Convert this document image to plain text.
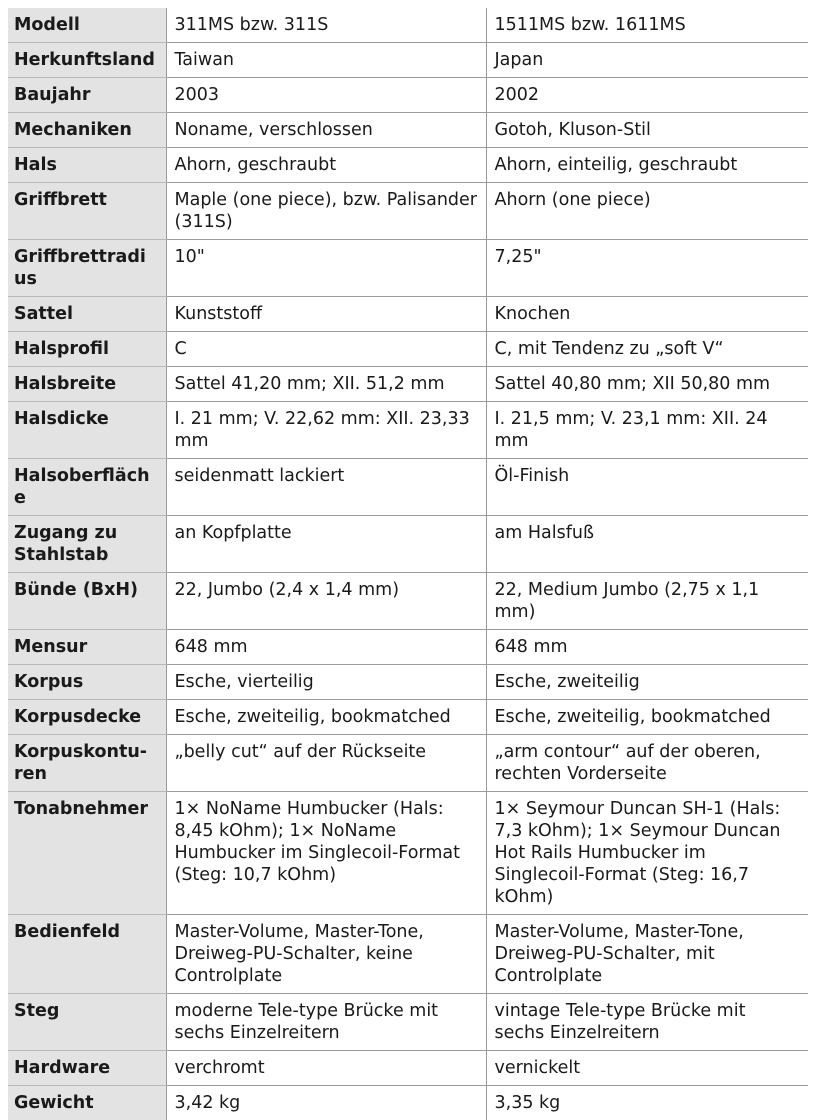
Modell	311MS bzw. 311S	1511MS bzw. 1611MS
Herkunftsland	Taiwan	Japan
Baujahr	2003	2002
Mechaniken	Noname, verschlossen	Gotoh, Kluson-Stil
Hals	Ahorn, geschraubt	Ahorn, einteilig, geschraubt
Griffbrett	Maple (one piece), bzw. Palisander (311S)	Ahorn (one piece)
Griffbrettradius	10"	7,25"
Sattel	Kunststoff	Knochen
Halsprofil	C	C, mit Tendenz zu „soft V“
Halsbreite	Sattel 41,20 mm; XII. 51,2 mm	Sattel 40,80 mm; XII 50,80 mm
Halsdicke	I. 21 mm; V. 22,62 mm: XII. 23,33 mm	I. 21,5 mm; V. 23,1 mm: XII. 24 mm
Halsoberfläche	seidenmatt lackiert	Öl-Finish
Zugang zu Stahlstab	an Kopfplatte	am Halsfuß
Bünde (BxH)	22, Jumbo (2,4 x 1,4 mm)	22, Medium Jumbo (2,75 x 1,1 mm)
Mensur	648 mm	648 mm
Korpus	Esche, vierteilig	Esche, zweiteilig
Korpusdecke	Esche, zweiteilig, bookmatched	Esche, zweiteilig, bookmatched
Korpuskonturen	„belly cut“ auf der Rückseite	„arm contour“ auf der oberen, rechten Vorderseite
Tonabnehmer	1× NoName Humbucker (Hals: 8,45 kOhm); 1× NoName Humbucker im Singlecoil-Format (Steg: 10,7 kOhm)	1× Seymour Duncan SH-1 (Hals: 7,3 kOhm); 1× Seymour Duncan Hot Rails Humbucker im Singlecoil-Format (Steg: 16,7 kOhm)
Bedienfeld	Master-Volume, Master-Tone, Dreiweg-PU-Schalter, keine Controlplate	Master-Volume, Master-Tone, Dreiweg-PU-Schalter, mit Controlplate
Steg	moderne Tele-type Brücke mit sechs Einzelreitern	vintage Tele-type Brücke mit sechs Einzelreitern
Hardware	verchromt	vernickelt
Gewicht	3,42 kg	3,35 kg
